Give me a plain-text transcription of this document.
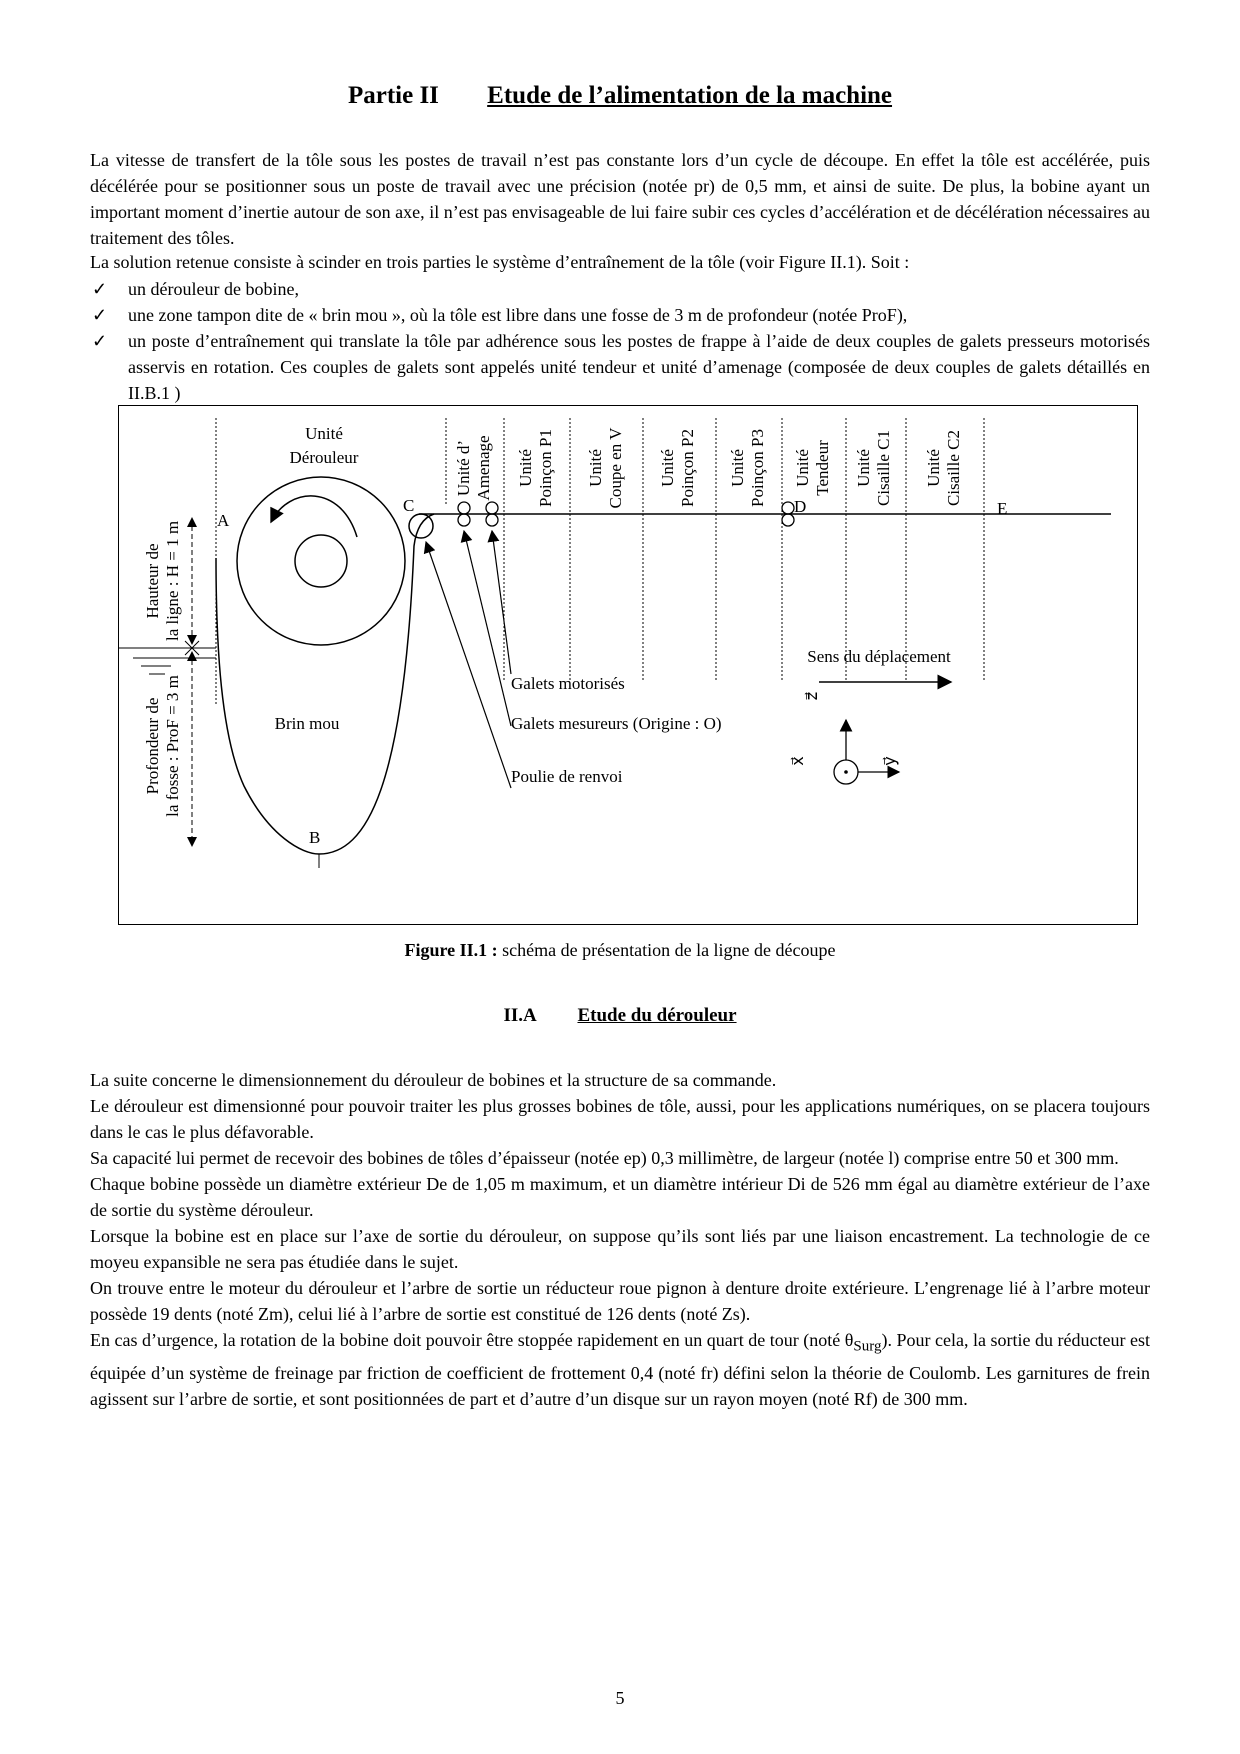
Partie II Etude de l’alimentation de la machine

La vitesse de transfert de la tôle sous les postes de travail n’est pas constante lors d’un cycle de découpe. En effet la tôle est accélérée, puis décélérée pour se positionner sous un poste de travail avec une précision (notée pr) de 0,5 mm, et ainsi de suite. De plus, la bobine ayant un important moment d’inertie autour de son axe, il n’est pas envisageable de lui faire subir ces cycles d’accélération et de décélération nécessaires au traitement des tôles.

La solution retenue consiste à scinder en trois parties le système d’entraînement de la tôle (voir Figure II.1). Soit :

✓ un dérouleur de bobine,
✓ une zone tampon dite de « brin mou », où la tôle est libre dans une fosse de 3 m de profondeur (notée ProF),
✓ un poste d’entraînement qui translate la tôle par adhérence sous les postes de frappe à l’aide de deux couples de galets presseurs motorisés asservis en rotation. Ces couples de galets sont appelés unité tendeur et unité d’amenage (composée de deux couples de galets détaillés en II.B.1 )
Unité
Dérouleur	Unité d’ Amenage Unité Poinçon P1 Unité Coupe en V Unité Poinçon P2 Unité Poinçon P3 Unité Tendeur Unité Cisaille C1 Unité Cisaille C2
A
C	D	E
B
Hauteur de la ligne : H = 1 m
Profondeur de la fosse : ProF = 3 m	Brin mou
Galets motorisés
Galets mesureurs (Origine : O)
Poulie de renvoi
Sens du déplacement
z⃗
x⃗	y⃗
Figure II.1 : schéma de présentation de la ligne de découpe
II.A Etude du dérouleur

La suite concerne le dimensionnement du dérouleur de bobines et la structure de sa commande.

Le dérouleur est dimensionné pour pouvoir traiter les plus grosses bobines de tôle, aussi, pour les applications numériques, on se placera toujours dans le cas le plus défavorable.

Sa capacité lui permet de recevoir des bobines de tôles d’épaisseur (notée ep) 0,3 millimètre, de largeur (notée l) comprise entre 50 et 300 mm.

Chaque bobine possède un diamètre extérieur De de 1,05 m maximum, et un diamètre intérieur Di de 526 mm égal au diamètre extérieur de l’axe de sortie du système dérouleur.

Lorsque la bobine est en place sur l’axe de sortie du dérouleur, on suppose qu’ils sont liés par une liaison encastrement. La technologie de ce moyeu expansible ne sera pas étudiée dans le sujet.

On trouve entre le moteur du dérouleur et l’arbre de sortie un réducteur roue pignon à denture droite extérieure. L’engrenage lié à l’arbre moteur possède 19 dents (noté Zm), celui lié à l’arbre de sortie est constitué de 126 dents (noté Zs).

En cas d’urgence, la rotation de la bobine doit pouvoir être stoppée rapidement en un quart de tour (noté $\theta_{Surg}$). Pour cela, la sortie du réducteur est équipée d’un système de freinage par friction de coefficient de frottement 0,4 (noté fr) défini selon la théorie de Coulomb. Les garnitures de frein agissent sur l’arbre de sortie, et sont positionnées de part et d’autre d’un disque sur un rayon moyen (noté Rf) de 300 mm.

5
